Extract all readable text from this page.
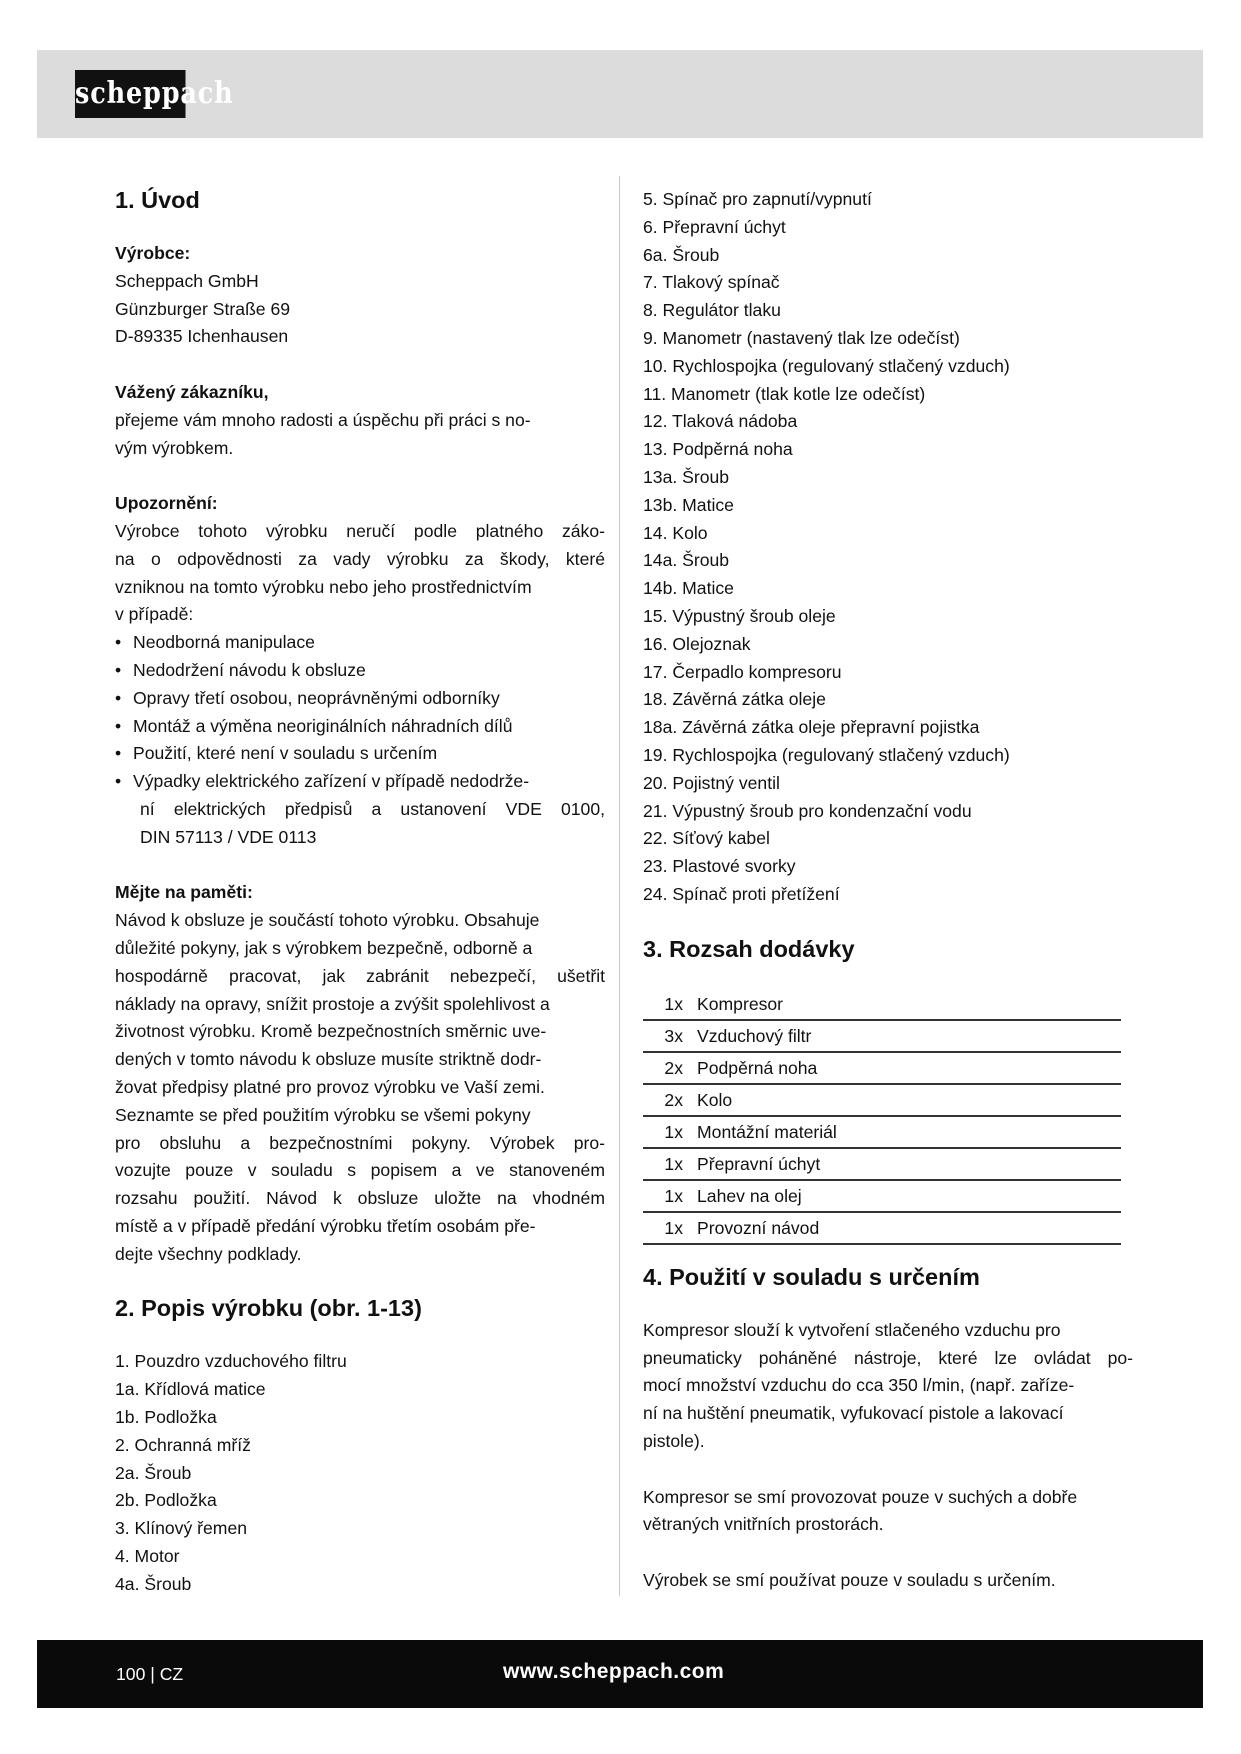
scheppach
1. Úvod
Výrobce:
Scheppach GmbH
Günzburger Straße 69
D-89335 Ichenhausen
Vážený zákazníku,
přejeme vám mnoho radosti a úspěchu při práci s no-
vým výrobkem.
Upozornění:
Výrobce tohoto výrobku neručí podle platného záko-
na o odpovědnosti za vady výrobku za škody, které
vzniknou na tomto výrobku nebo jeho prostřednictvím
v případě:
• Neodborná manipulace
• Nedodržení návodu k obsluze
• Opravy třetí osobou, neoprávněnými odborníky
• Montáž a výměna neoriginálních náhradních dílů
• Použití, které není v souladu s určením
• Výpadky elektrického zařízení v případě nedodrže-
ní elektrických předpisů a ustanovení VDE 0100,
DIN 57113 / VDE 0113
Mějte na paměti:
Návod k obsluze je součástí tohoto výrobku. Obsahuje
důležité pokyny, jak s výrobkem bezpečně, odborně a
hospodárně pracovat, jak zabránit nebezpečí, ušetřit
náklady na opravy, snížit prostoje a zvýšit spolehlivost a
životnost výrobku. Kromě bezpečnostních směrnic uve-
dených v tomto návodu k obsluze musíte striktně dodr-
žovat předpisy platné pro provoz výrobku ve Vaší zemi.
Seznamte se před použitím výrobku se všemi pokyny
pro obsluhu a bezpečnostními pokyny. Výrobek pro-
vozujte pouze v souladu s popisem a ve stanoveném
rozsahu použití. Návod k obsluze uložte na vhodném
místě a v případě předání výrobku třetím osobám pře-
dejte všechny podklady.
2. Popis výrobku (obr. 1-13)
1. Pouzdro vzduchového filtru
1a. Křídlová matice
1b. Podložka
2. Ochranná mříž
2a. Šroub
2b. Podložka
3. Klínový řemen
4. Motor
4a. Šroub
5. Spínač pro zapnutí/vypnutí
6. Přepravní úchyt
6a. Šroub
7. Tlakový spínač
8. Regulátor tlaku
9. Manometr (nastavený tlak lze odečíst)
10. Rychlospojka (regulovaný stlačený vzduch)
11. Manometr (tlak kotle lze odečíst)
12. Tlaková nádoba
13. Podpěrná noha
13a. Šroub
13b. Matice
14. Kolo
14a. Šroub
14b. Matice
15. Výpustný šroub oleje
16. Olejoznak
17. Čerpadlo kompresoru
18. Závěrná zátka oleje
18a. Závěrná zátka oleje přepravní pojistka
19. Rychlospojka (regulovaný stlačený vzduch)
20. Pojistný ventil
21. Výpustný šroub pro kondenzační vodu
22. Síťový kabel
23. Plastové svorky
24. Spínač proti přetížení
3. Rozsah dodávky
1x Kompresor
3x Vzduchový filtr
2x Podpěrná noha
2x Kolo
1x Montážní materiál
1x Přepravní úchyt
1x Lahev na olej
1x Provozní návod
4. Použití v souladu s určením
Kompresor slouží k vytvoření stlačeného vzduchu pro
pneumaticky poháněné nástroje, které lze ovládat po-
mocí množství vzduchu do cca 350 l/min, (např. zaříze-
ní na huštění pneumatik, vyfukovací pistole a lakovací
pistole).
Kompresor se smí provozovat pouze v suchých a dobře
větraných vnitřních prostorách.
Výrobek se smí používat pouze v souladu s určením.
100 | CZ	www.scheppach.com
